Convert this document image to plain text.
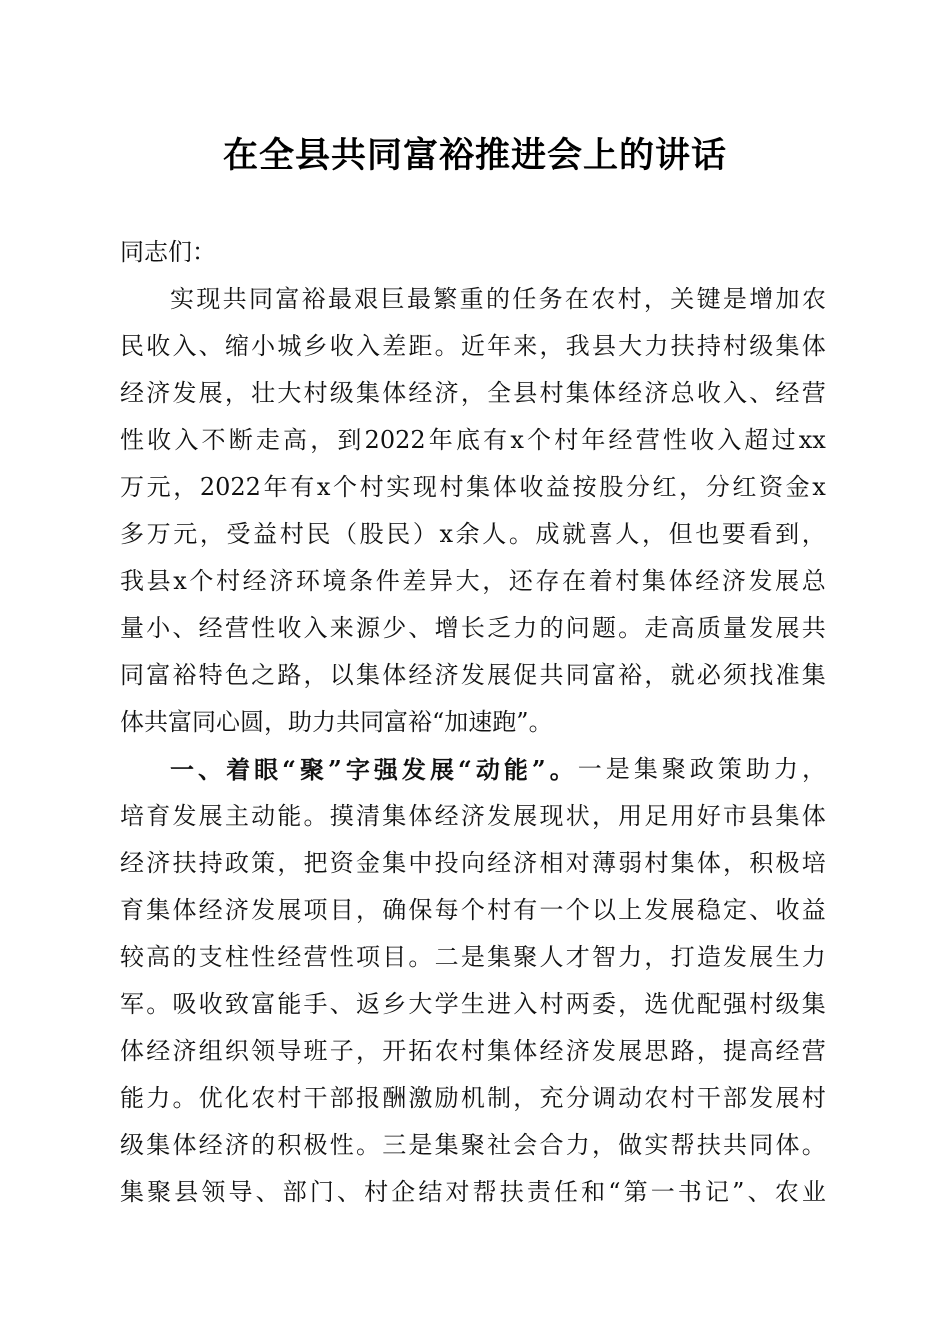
在全县共同富裕推进会上的讲话
同志们：
实 现 共 同 富 裕 最 艰 巨 最 繁 重 的 任 务 在 农 村 ， 关 键 是 增 加 农
民 收 入 、 缩 小 城 乡 收 入 差 距 。 近 年 来 ， 我 县 大 力 扶 持 村 级 集 体
经 济 发 展 ， 壮 大 村 级 集 体 经 济 ， 全 县 村 集 体 经 济 总 收 入 、 经 营
性 收 入 不 断 走 高 ， 到 2022 年 底 有 x 个 村 年 经 营 性 收 入 超 过 xx
万 元 ， 2022 年 有 x 个 村 实 现 村 集 体 收 益 按 股 分 红 ， 分 红 资 金 x
多 万 元 ， 受 益 村 民 （ 股 民 ） x 余 人 。 成 就 喜 人 ， 但 也 要 看 到 ，
我 县 x 个 村 经 济 环 境 条 件 差 异 大 ， 还 存 在 着 村 集 体 经 济 发 展 总
量 小 、 经 营 性 收 入 来 源 少 、 增 长 乏 力 的 问 题 。 走 高 质 量 发 展 共
同 富 裕 特 色 之 路 ， 以 集 体 经 济 发 展 促 共 同 富 裕 ， 就 必 须 找 准 集
体 共 富 同 心 圆 ， 助 力 共 同 富 裕 “ 加 速 跑 ” 。
一 、 着 眼 “ 聚 ” 字 强 发 展 “ 动 能 ” 。 一 是 集 聚 政 策 助 力 ，
培 育 发 展 主 动 能 。 摸 清 集 体 经 济 发 展 现 状 ， 用 足 用 好 市 县 集 体
经 济 扶 持 政 策 ， 把 资 金 集 中 投 向 经 济 相 对 薄 弱 村 集 体 ， 积 极 培
育 集 体 经 济 发 展 项 目 ， 确 保 每 个 村 有 一 个 以 上 发 展 稳 定 、 收 益
较 高 的 支 柱 性 经 营 性 项 目 。 二 是 集 聚 人 才 智 力 ， 打 造 发 展 生 力
军 。 吸 收 致 富 能 手 、 返 乡 大 学 生 进 入 村 两 委 ， 选 优 配 强 村 级 集
体 经 济 组 织 领 导 班 子 ， 开 拓 农 村 集 体 经 济 发 展 思 路 ， 提 高 经 营
能 力 。 优 化 农 村 干 部 报 酬 激 励 机 制 ， 充 分 调 动 农 村 干 部 发 展 村
级 集 体 经 济 的 积 极 性 。 三 是 集 聚 社 会 合 力 ， 做 实 帮 扶 共 同 体 。
集 聚 县 领 导 、 部 门 、 村 企 结 对 帮 扶 责 任 和 “ 第 一 书 记 ” 、 农 业
